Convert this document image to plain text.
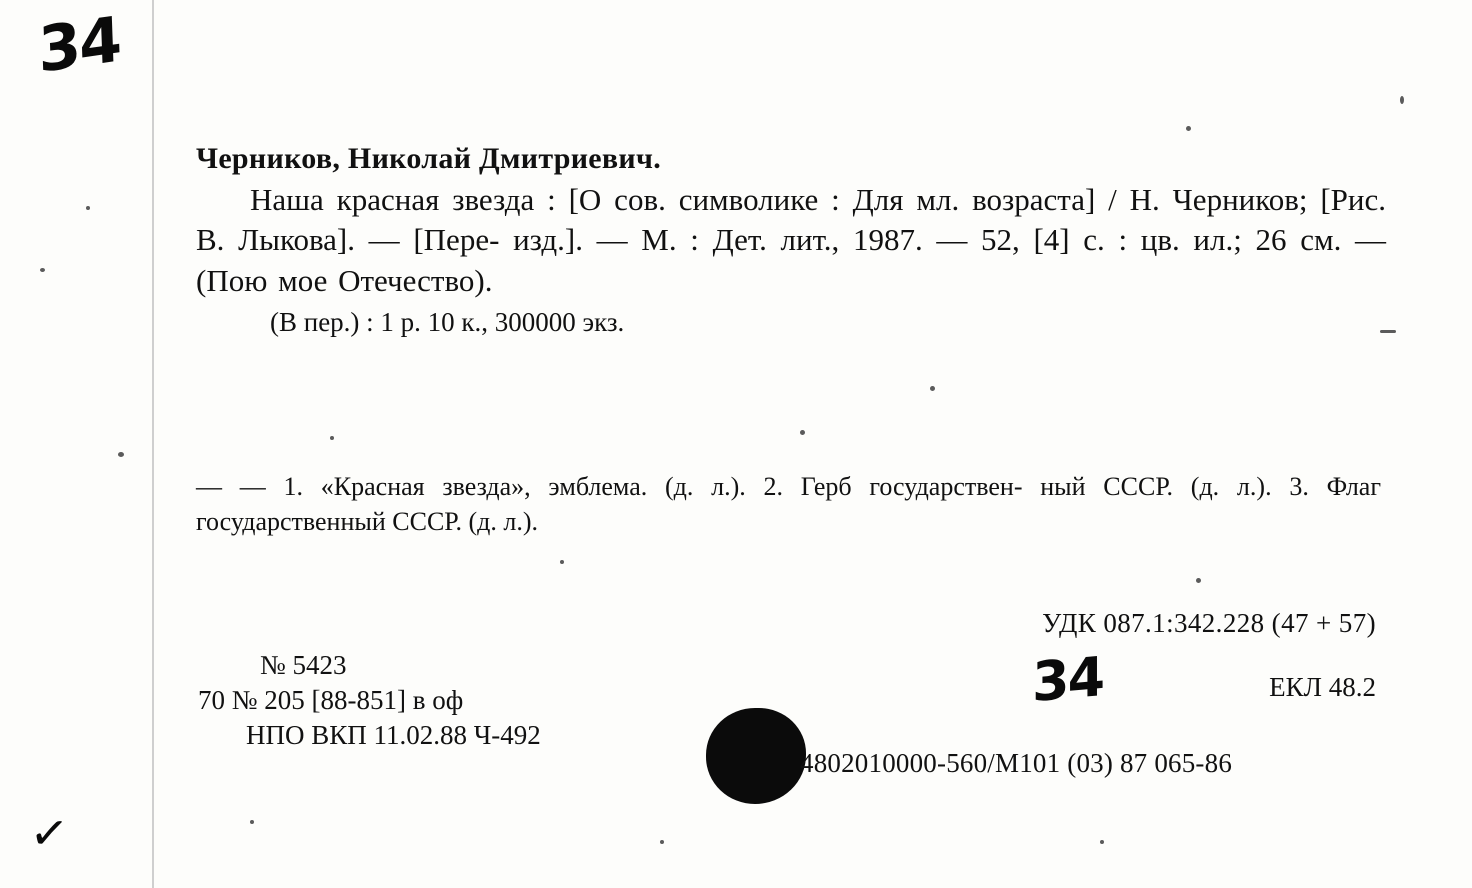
34
34
✓
Черников, Николай Дмитриевич.
Наша красная звезда : [О сов. символике : Для мл. возраста] / Н. Черников; [Рис. В. Лыкова]. — [Пере- изд.]. — М. : Дет. лит., 1987. — 52, [4] с. : цв. ил.; 26 см. — (Пою мое Отечество).
(В пер.) : 1 р. 10 к., 300000 экз.
— — 1. «Красная звезда», эмблема. (д. л.). 2. Герб государствен- ный СССР. (д. л.). 3. Флаг государственный СССР. (д. л.).
УДК 087.1:342.228 (47 + 57)
ЕКЛ 48.2
№ 5423
70 № 205 [88-851] в оф
НПО ВКП 11.02.88 Ч-492
4802010000-560/М101 (03) 87 065-86
